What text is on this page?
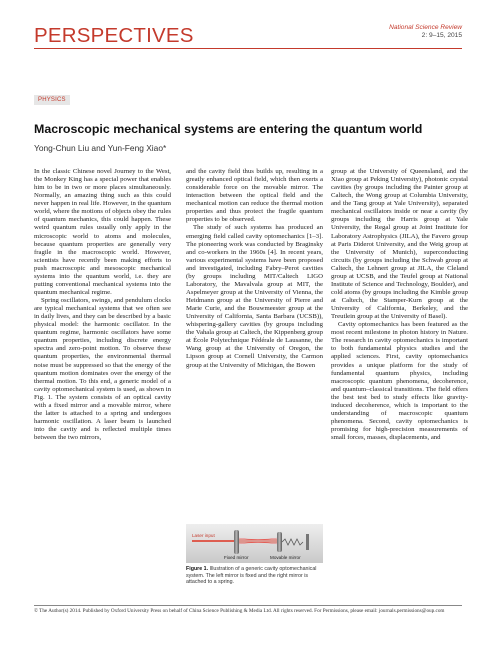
PERSPECTIVES	National Science Review
2: 9–15, 2015
PHYSICS
Macroscopic mechanical systems are entering the quantum world
Yong-Chun Liu and Yun-Feng Xiao*

In the classic Chinese novel Journey to the West, the Monkey King has a special power that enables him to be in two or more places simultaneously. Normally, an amazing thing such as this could never happen in real life. However, in the quantum world, where the motions of objects obey the rules of quantum mechanics, this could happen. These weird quantum rules usually only apply in the microscopic world to atoms and molecules, because quantum properties are generally very fragile in the macroscopic world. However, scientists have recently been making efforts to push macroscopic and mesoscopic mechanical systems into the quantum world, i.e. they are putting conventional mechanical systems into the quantum mechanical regime.

Spring oscillators, swings, and pendulum clocks are typical mechanical systems that we often see in daily lives, and they can be described by a basic physical model: the harmonic oscillator. In the quantum regime, harmonic oscillators have some quantum properties, including discrete energy spectra and zero-point motion. To observe these quantum properties, the environmental thermal noise must be suppressed so that the energy of the quantum motion dominates over the energy of the thermal motion. To this end, a generic model of a cavity optomechanical system is used, as shown in Fig. 1. The system consists of an optical cavity with a fixed mirror and a movable mirror, where the latter is attached to a spring and undergoes harmonic oscillation. A laser beam is launched into the cavity and is reflected multiple times between the two mirrors,

and the cavity field thus builds up, resulting in a greatly enhanced optical field, which then exerts a considerable force on the movable mirror. The interaction between the optical field and the mechanical motion can reduce the thermal motion properties and thus protect the fragile quantum properties to be observed.

The study of such systems has produced an emerging field called cavity optomechanics [1–3]. The pioneering work was conducted by Braginsky and co-workers in the 1960s [4]. In recent years, various experimental systems have been proposed and investigated, including Fabry–Perot cavities (by groups including MIT/Caltech LIGO Laboratory, the Mavalvala group at MIT, the Aspelmeyer group at the University of Vienna, the Heidmann group at the University of Pierre and Marie Curie, and the Bouwmeester group at the University of California, Santa Barbara (UCSB)), whispering-gallery cavities (by groups including the Vahala group at Caltech, the Kippenberg group at École Polytechnique Fédérale de Lausanne, the Wang group at the University of Oregon, the Lipson group at Cornell University, the Carmon group at the University of Michigan, the Bowen

group at the University of Queensland, and the Xiao group at Peking University), photonic crystal cavities (by groups including the Painter group at Caltech, the Wong group at Columbia University, and the Tang group at Yale University), separated mechanical oscillators inside or near a cavity (by groups including the Harris group at Yale University, the Regal group at Joint Institute for Laboratory Astrophysics (JILA), the Favero group at Paris Diderot University, and the Weig group at the University of Munich), superconducting circuits (by groups including the Schwab group at Caltech, the Lehnert group at JILA, the Cleland group at UCSB, and the Teufel group at National Institute of Science and Technology, Boulder), and cold atoms (by groups including the Kimble group at Caltech, the Stamper-Kurn group at the University of California, Berkeley, and the Treutlein group at the University of Basel).

Cavity optomechanics has been featured as the most recent milestone in photon history in Nature. The research in cavity optomechanics is important to both fundamental physics studies and the applied sciences. First, cavity optomechanics provides a unique platform for the study of fundamental quantum physics, including macroscopic quantum phenomena, decoherence, and quantum–classical transitions. The field offers the best test bed to study effects like gravity-induced decoherence, which is important to the understanding of macroscopic quantum phenomena. Second, cavity optomechanics is promising for high-precision measurements of small forces, masses, displacements, and

Laser input
Fixed mirror	Movable mirror
Figure 1. Illustration of a generic cavity optomechanical system. The left mirror is fixed and the right mirror is attached to a spring.
© The Author(s) 2014. Published by Oxford University Press on behalf of China Science Publishing & Media Ltd. All rights reserved. For Permissions, please email: journals.permissions@oup.com
